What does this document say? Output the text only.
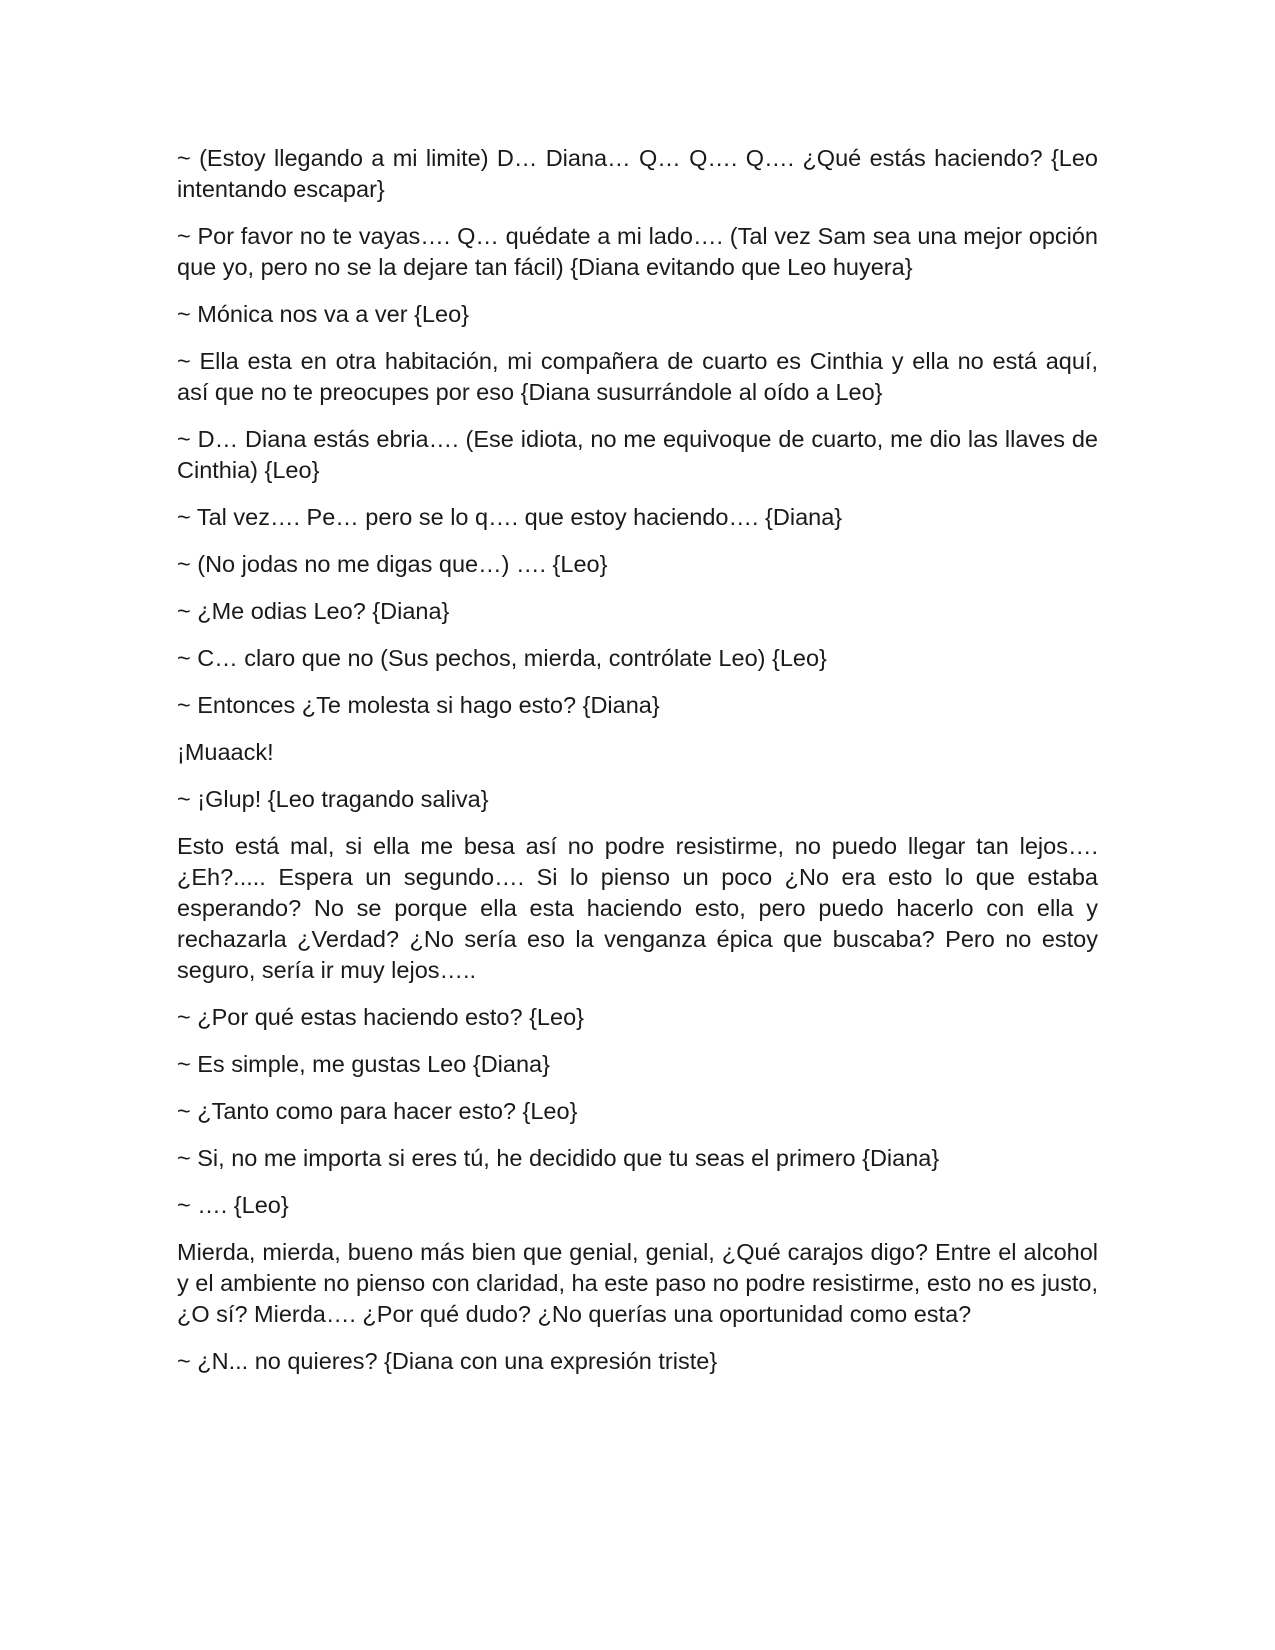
~ (Estoy llegando a mi limite) D… Diana… Q… Q…. Q…. ¿Qué estás haciendo? {Leo intentando escapar}

~ Por favor no te vayas…. Q… quédate a mi lado…. (Tal vez Sam sea una mejor opción que yo, pero no se la dejare tan fácil) {Diana evitando que Leo huyera}

~ Mónica nos va a ver {Leo}

~ Ella esta en otra habitación, mi compañera de cuarto es Cinthia y ella no está aquí, así que no te preocupes por eso {Diana susurrándole al oído a Leo}

~ D… Diana estás ebria…. (Ese idiota, no me equivoque de cuarto, me dio las llaves de Cinthia) {Leo}

~ Tal vez…. Pe… pero se lo q…. que estoy haciendo…. {Diana}

~ (No jodas no me digas que…) …. {Leo}

~ ¿Me odias Leo? {Diana}

~ C… claro que no (Sus pechos, mierda, contrólate Leo) {Leo}

~ Entonces ¿Te molesta si hago esto? {Diana}

¡Muaack!

~ ¡Glup! {Leo tragando saliva}

Esto está mal, si ella me besa así no podre resistirme, no puedo llegar tan lejos…. ¿Eh?..... Espera un segundo…. Si lo pienso un poco ¿No era esto lo que estaba esperando? No se porque ella esta haciendo esto, pero puedo hacerlo con ella y rechazarla ¿Verdad? ¿No sería eso la venganza épica que buscaba? Pero no estoy seguro, sería ir muy lejos…..

~ ¿Por qué estas haciendo esto? {Leo}

~ Es simple, me gustas Leo {Diana}

~ ¿Tanto como para hacer esto? {Leo}

~ Si, no me importa si eres tú, he decidido que tu seas el primero {Diana}

~ …. {Leo}

Mierda, mierda, bueno más bien que genial, genial, ¿Qué carajos digo? Entre el alcohol y el ambiente no pienso con claridad, ha este paso no podre resistirme, esto no es justo, ¿O sí? Mierda…. ¿Por qué dudo? ¿No querías una oportunidad como esta?

~ ¿N... no quieres? {Diana con una expresión triste}
